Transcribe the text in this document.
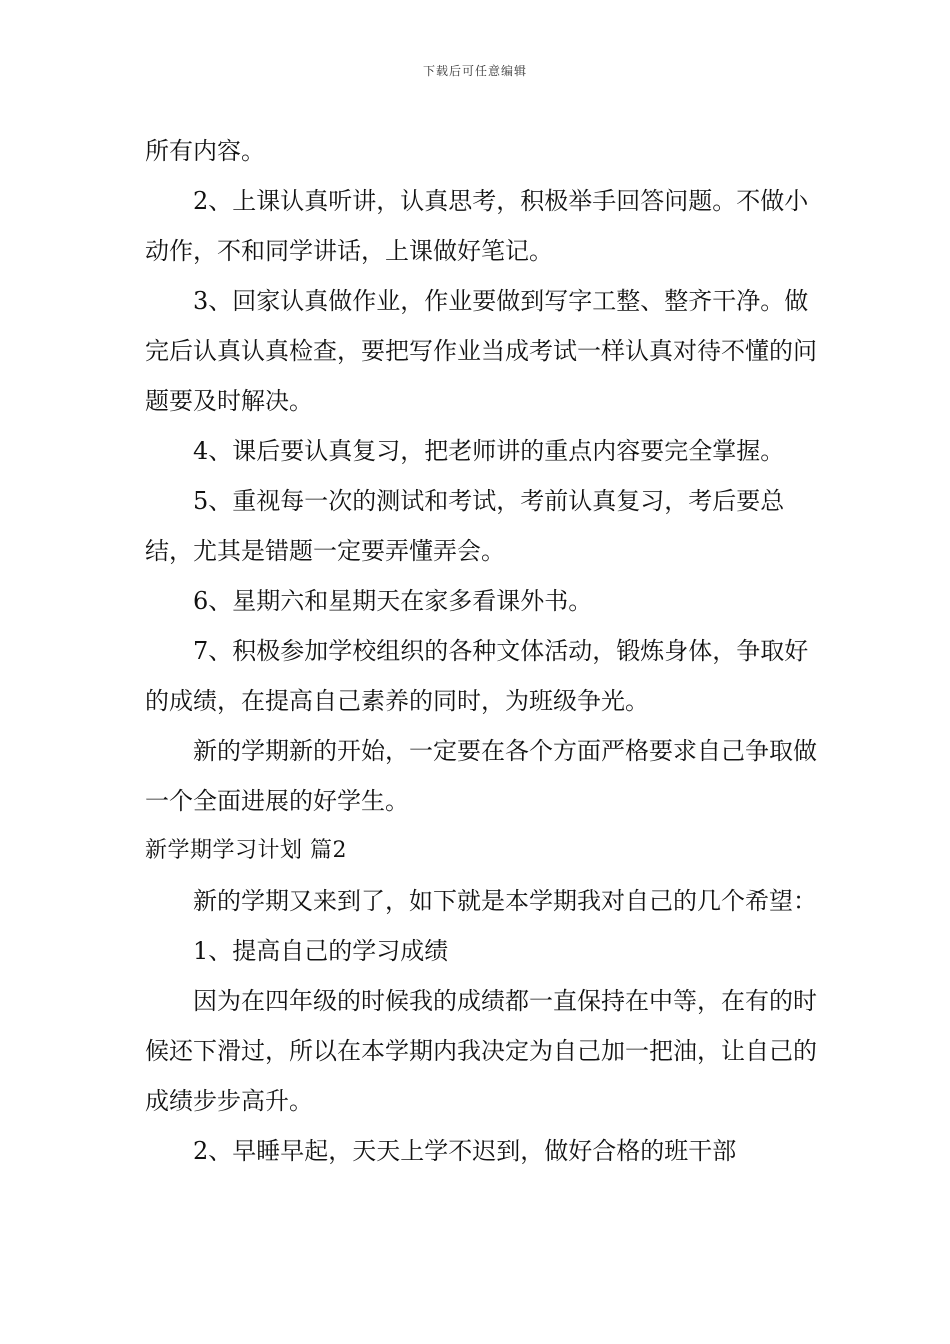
下载后可任意编辑

所有内容。

2、上课认真听讲，认真思考，积极举手回答问题。不做小动作，不和同学讲话，上课做好笔记。

3、回家认真做作业，作业要做到写字工整、整齐干净。做完后认真认真检查，要把写作业当成考试一样认真对待不懂的问题要及时解决。

4、课后要认真复习，把老师讲的重点内容要完全掌握。

5、重视每一次的测试和考试，考前认真复习，考后要总结，尤其是错题一定要弄懂弄会。

6、星期六和星期天在家多看课外书。

7、积极参加学校组织的各种文体活动，锻炼身体，争取好的成绩，在提高自己素养的同时，为班级争光。

新的学期新的开始，一定要在各个方面严格要求自己争取做一个全面进展的好学生。

新学期学习计划 篇2

新的学期又来到了，如下就是本学期我对自己的几个希望：

1、提高自己的学习成绩

因为在四年级的时候我的成绩都一直保持在中等，在有的时候还下滑过，所以在本学期内我决定为自己加一把油，让自己的成绩步步高升。

2、早睡早起，天天上学不迟到，做好合格的班干部
